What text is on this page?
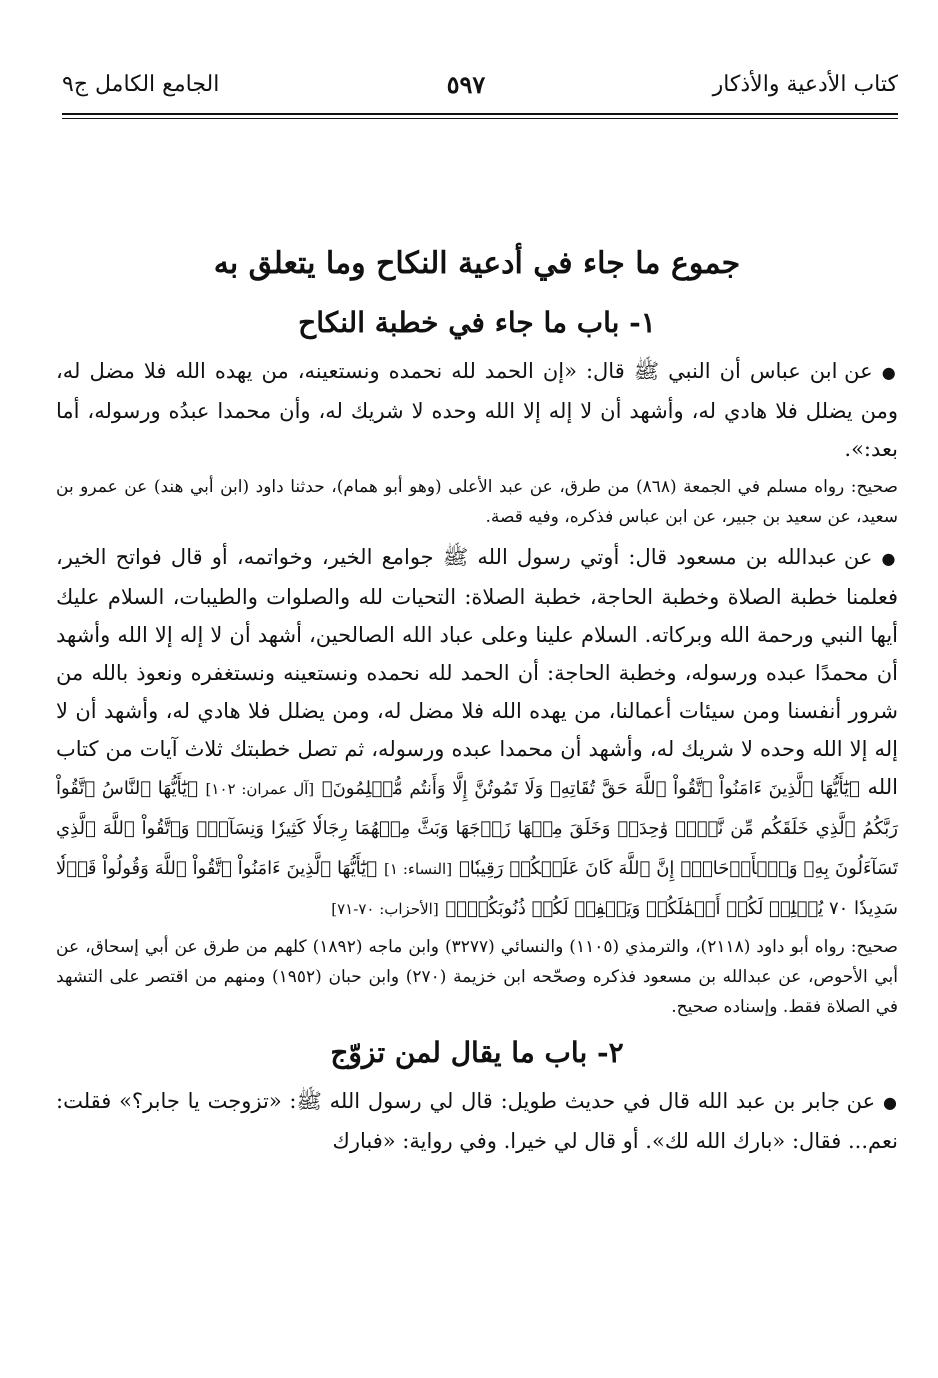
كتاب الأدعية والأذكار
٥٩٧
الجامع الكامل ج٩
جموع ما جاء في أدعية النكاح وما يتعلق به
١- باب ما جاء في خطبة النكاح

● عن ابن عباس أن النبي ﷺ قال: «إن الحمد لله نحمده ونستعينه، من يهده الله فلا مضل له، ومن يضلل فلا هادي له، وأشهد أن لا إله إلا الله وحده لا شريك له، وأن محمدا عبدُه ورسوله، أما بعد:».

صحيح: رواه مسلم في الجمعة (٨٦٨) من طرق، عن عبد الأعلى (وهو أبو همام)، حدثنا داود (ابن أبي هند) عن عمرو بن سعيد، عن سعيد بن جبير، عن ابن عباس فذكره، وفيه قصة.

● عن عبدالله بن مسعود قال: أوتي رسول الله ﷺ جوامع الخير، وخواتمه، أو قال فواتح الخير، فعلمنا خطبة الصلاة وخطبة الحاجة، خطبة الصلاة: التحيات لله والصلوات والطيبات، السلام عليك أيها النبي ورحمة الله وبركاته. السلام علينا وعلى عباد الله الصالحين، أشهد أن لا إله إلا الله وأشهد أن محمدًا عبده ورسوله، وخطبة الحاجة: أن الحمد لله نحمده ونستعينه ونستغفره ونعوذ بالله من شرور أنفسنا ومن سيئات أعمالنا، من يهده الله فلا مضل له، ومن يضلل فلا هادي له، وأشهد أن لا إله إلا الله وحده لا شريك له، وأشهد أن محمدا عبده ورسوله، ثم تصل خطبتك ثلاث آيات من كتاب الله ﴿يَٰٓأَيُّهَا ٱلَّذِينَ ءَامَنُواْ ٱتَّقُواْ ٱللَّهَ حَقَّ تُقَاتِهِۦ وَلَا تَمُوتُنَّ إِلَّا وَأَنتُم مُّسۡلِمُونَ﴾ [آل عمران: ١٠٢] ﴿يَٰٓأَيُّهَا ٱلنَّاسُ ٱتَّقُواْ رَبَّكُمُ ٱلَّذِي خَلَقَكُم مِّن نَّفۡسٖ وَٰحِدَةٖ وَخَلَقَ مِنۡهَا زَوۡجَهَا وَبَثَّ مِنۡهُمَا رِجَالٗا كَثِيرٗا وَنِسَآءٗۚ وَٱتَّقُواْ ٱللَّهَ ٱلَّذِي تَسَآءَلُونَ بِهِۦ وَٱلۡأَرۡحَامَۚ إِنَّ ٱللَّهَ كَانَ عَلَيۡكُمۡ رَقِيبٗا﴾ [النساء: ١] ﴿يَٰٓأَيُّهَا ٱلَّذِينَ ءَامَنُواْ ٱتَّقُواْ ٱللَّهَ وَقُولُواْ قَوۡلٗا سَدِيدٗا ٧٠ يُصۡلِحۡ لَكُمۡ أَعۡمَٰلَكُمۡ وَيَغۡفِرۡ لَكُمۡ ذُنُوبَكُمۡۗ﴾ [الأحزاب: ٧٠-٧١]

صحيح: رواه أبو داود (٢١١٨)، والترمذي (١١٠٥) والنسائي (٣٢٧٧) وابن ماجه (١٨٩٢) كلهم من طرق عن أبي إسحاق، عن أبي الأحوص، عن عبدالله بن مسعود فذكره وصحّحه ابن خزيمة (٢٧٠) وابن حبان (١٩٥٢) ومنهم من اقتصر على التشهد في الصلاة فقط. وإسناده صحيح.

٢- باب ما يقال لمن تزوّج

● عن جابر بن عبد الله قال في حديث طويل: قال لي رسول الله ﷺ: «تزوجت يا جابر؟» فقلت: نعم... فقال: «بارك الله لك». أو قال لي خيرا. وفي رواية: «فبارك
